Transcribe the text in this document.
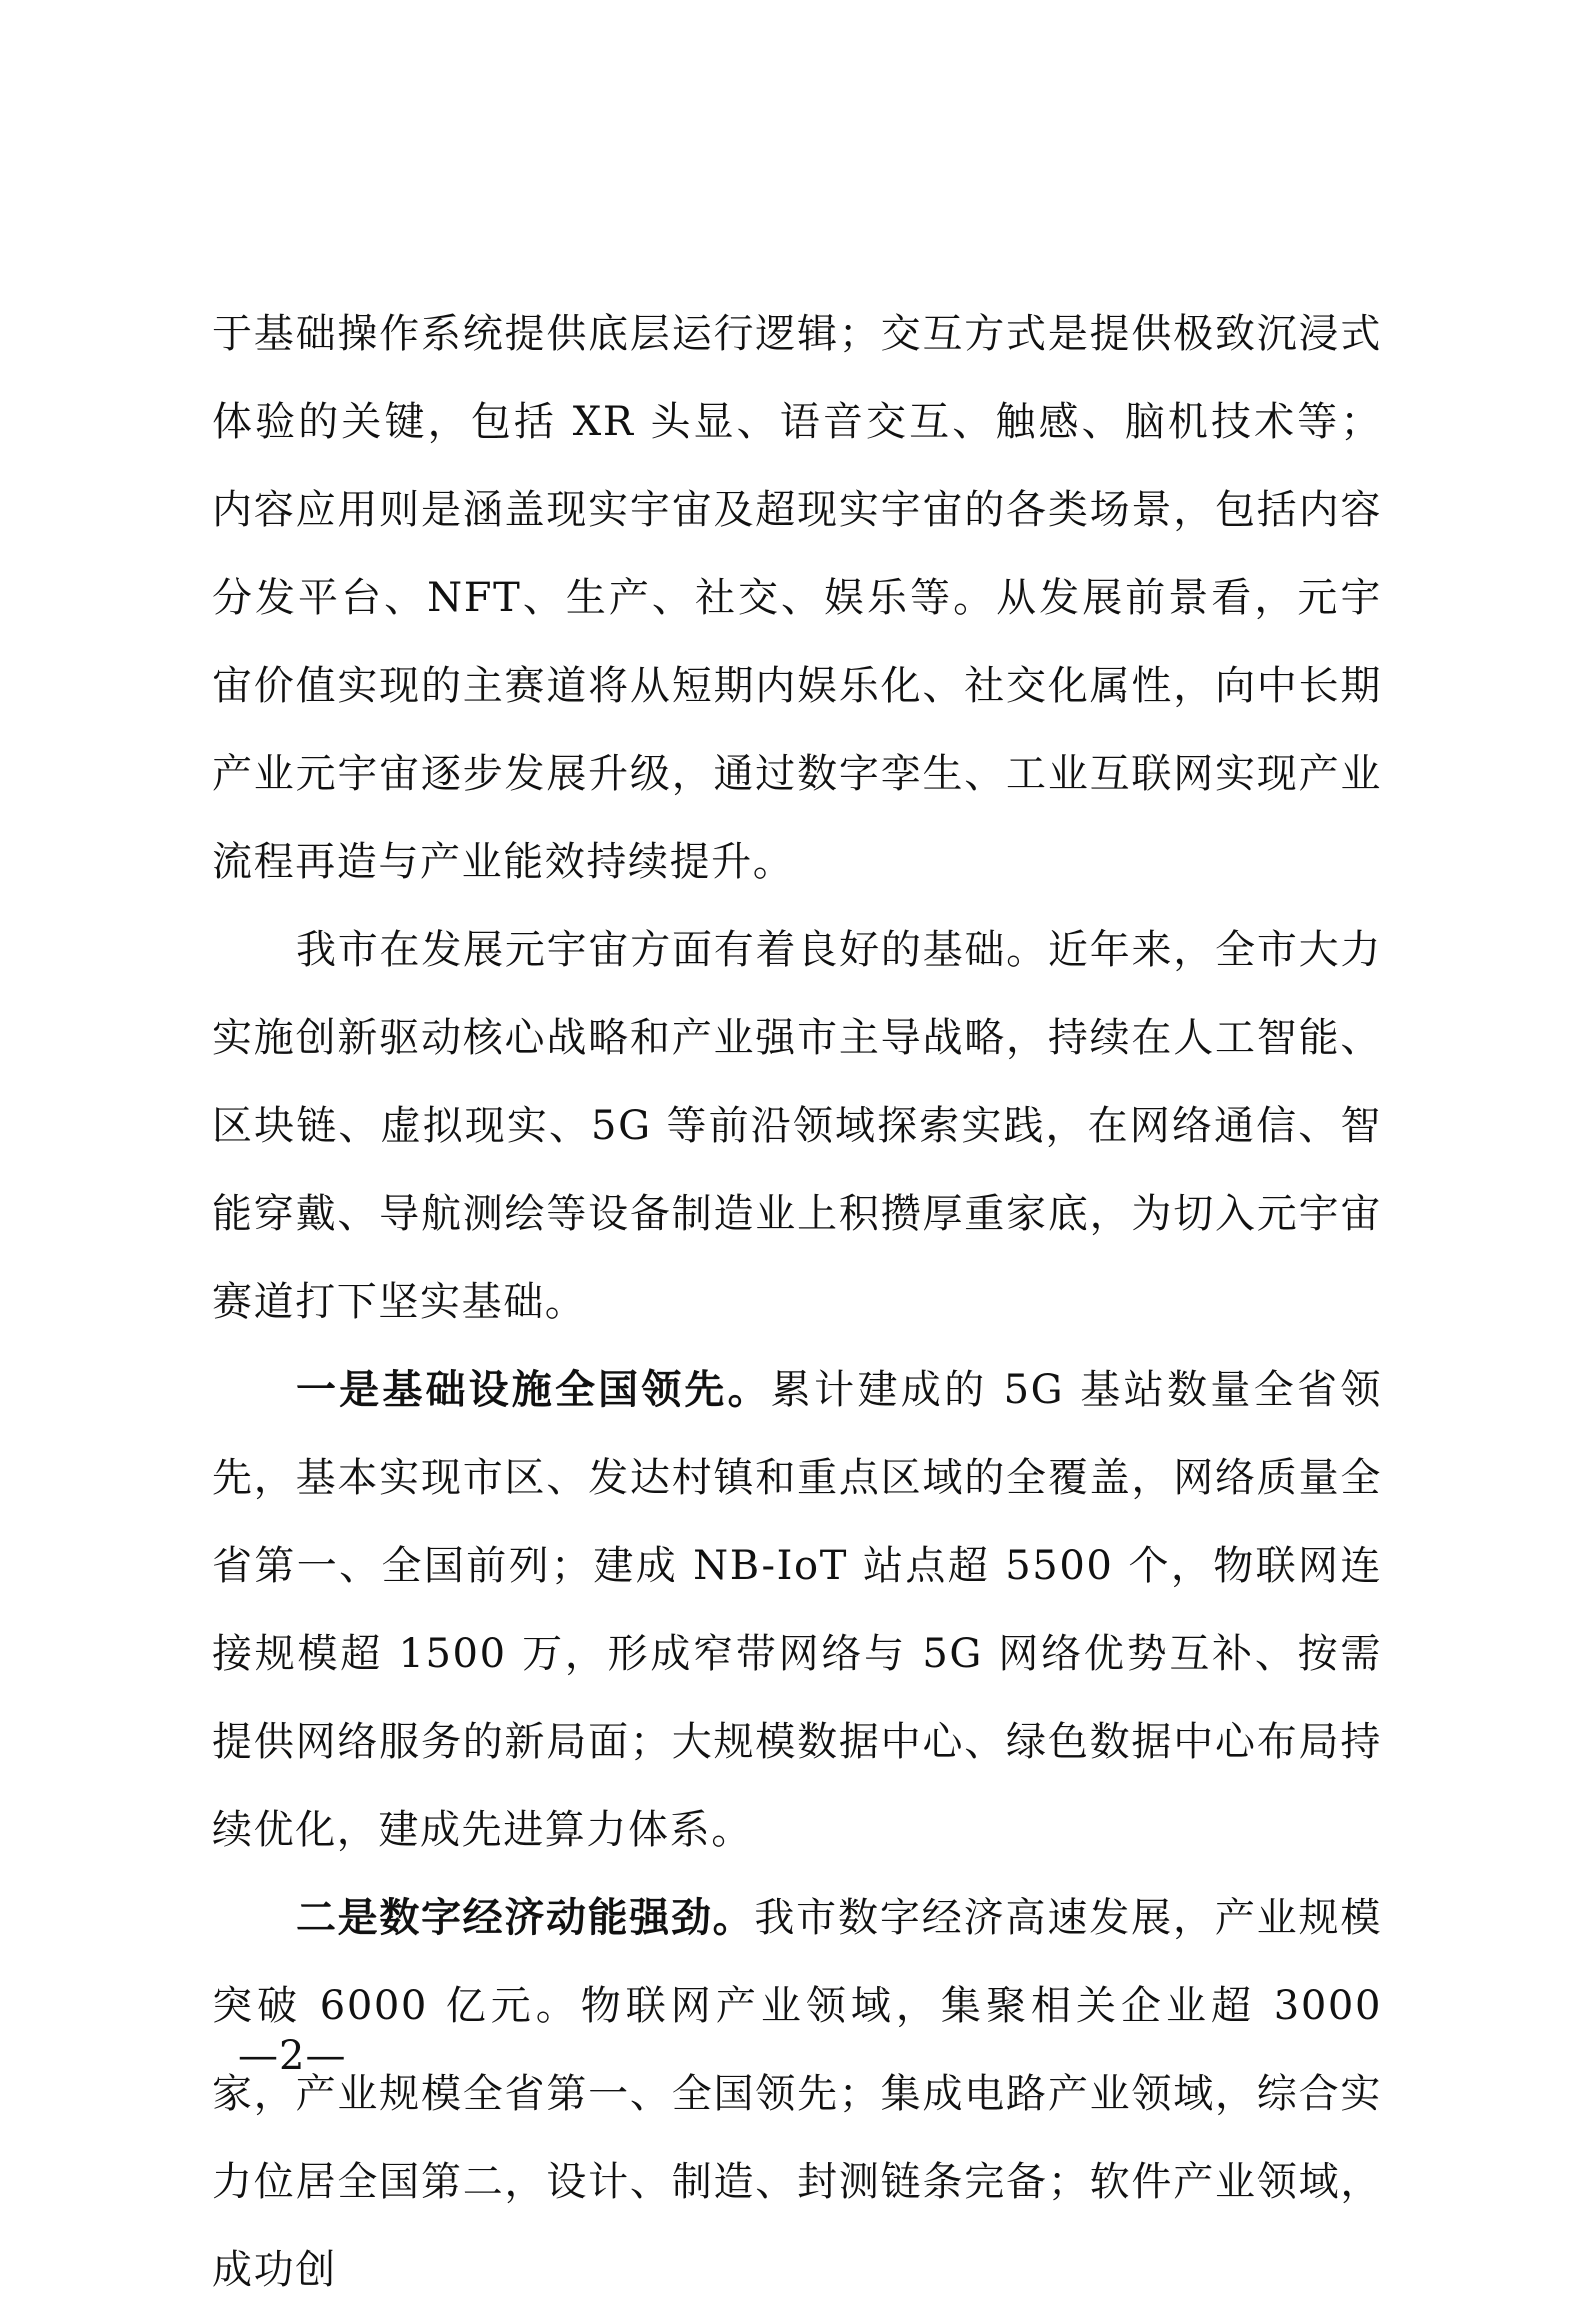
于基础操作系统提供底层运行逻辑；交互方式是提供极致沉浸式体验的关键，包括 XR 头显、语音交互、触感、脑机技术等；内容应用则是涵盖现实宇宙及超现实宇宙的各类场景，包括内容分发平台、NFT、生产、社交、娱乐等。从发展前景看，元宇宙价值实现的主赛道将从短期内娱乐化、社交化属性，向中长期产业元宇宙逐步发展升级，通过数字孪生、工业互联网实现产业流程再造与产业能效持续提升。

我市在发展元宇宙方面有着良好的基础。近年来，全市大力实施创新驱动核心战略和产业强市主导战略，持续在人工智能、区块链、虚拟现实、5G 等前沿领域探索实践，在网络通信、智能穿戴、导航测绘等设备制造业上积攒厚重家底，为切入元宇宙赛道打下坚实基础。

一是基础设施全国领先。累计建成的 5G 基站数量全省领先，基本实现市区、发达村镇和重点区域的全覆盖，网络质量全省第一、全国前列；建成 NB-IoT 站点超 5500 个，物联网连接规模超 1500 万，形成窄带网络与 5G 网络优势互补、按需提供网络服务的新局面；大规模数据中心、绿色数据中心布局持续优化，建成先进算力体系。

二是数字经济动能强劲。我市数字经济高速发展，产业规模突破 6000 亿元。物联网产业领域，集聚相关企业超 3000 家，产业规模全省第一、全国领先；集成电路产业领域，综合实力位居全国第二，设计、制造、封测链条完备；软件产业领域，成功创

—2—
